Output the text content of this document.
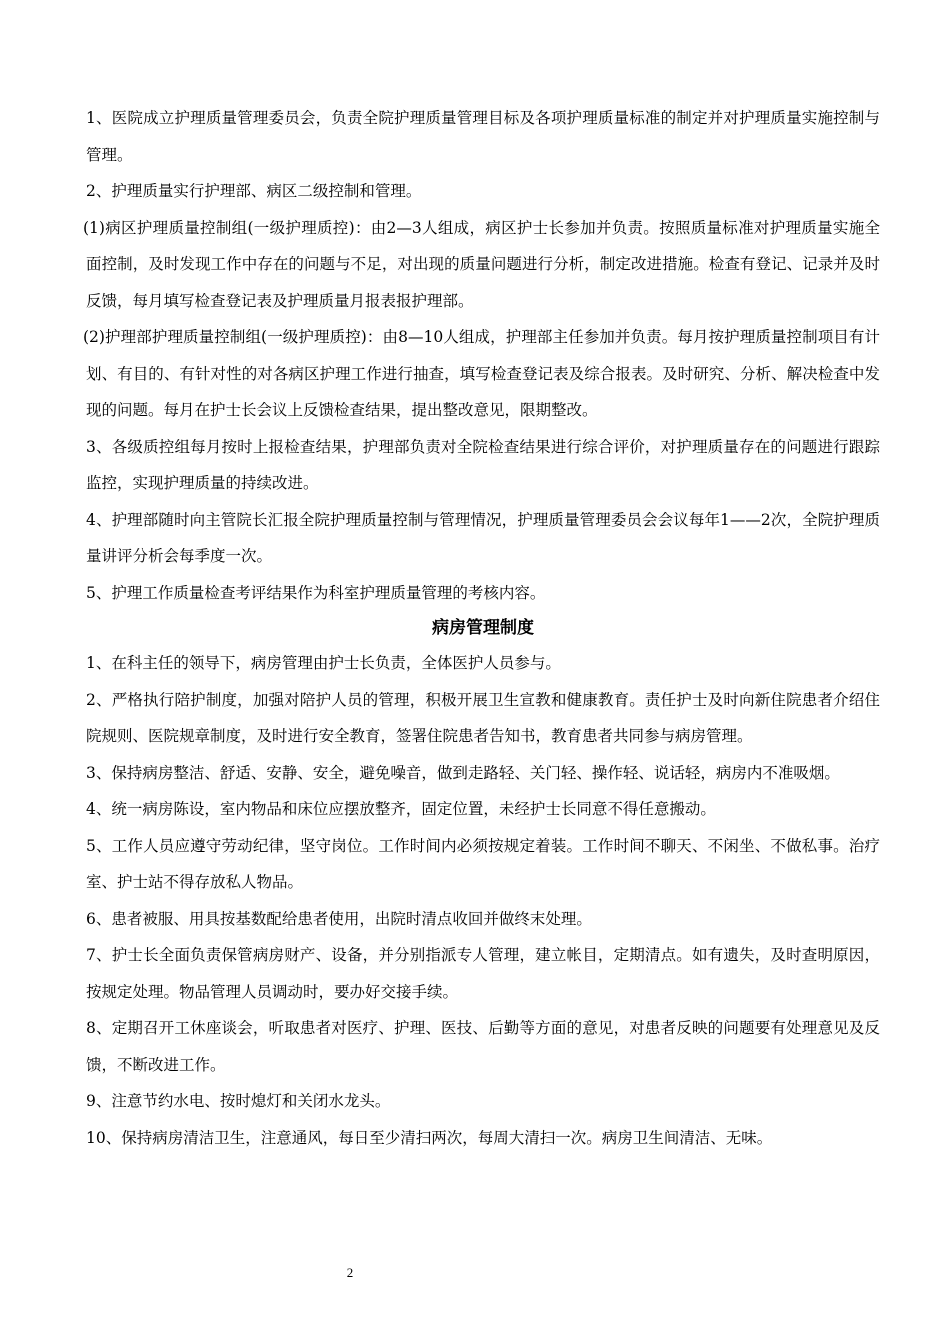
1、医院成立护理质量管理委员会，负责全院护理质量管理目标及各项护理质量标准的制定并对护理质量实施控制与管理。

2、护理质量实行护理部、病区二级控制和管理。

(1)病区护理质量控制组(一级护理质控)：由2—3人组成，病区护士长参加并负责。按照质量标准对护理质量实施全面控制，及时发现工作中存在的问题与不足，对出现的质量问题进行分析，制定改进措施。检查有登记、记录并及时反馈，每月填写检查登记表及护理质量月报表报护理部。

(2)护理部护理质量控制组(一级护理质控)：由8—10人组成，护理部主任参加并负责。每月按护理质量控制项目有计划、有目的、有针对性的对各病区护理工作进行抽查，填写检查登记表及综合报表。及时研究、分析、解决检查中发现的问题。每月在护士长会议上反馈检查结果，提出整改意见，限期整改。

3、各级质控组每月按时上报检查结果，护理部负责对全院检查结果进行综合评价，对护理质量存在的问题进行跟踪监控，实现护理质量的持续改进。

4、护理部随时向主管院长汇报全院护理质量控制与管理情况，护理质量管理委员会会议每年1——2次，全院护理质量讲评分析会每季度一次。

5、护理工作质量检查考评结果作为科室护理质量管理的考核内容。

病房管理制度

1、在科主任的领导下，病房管理由护士长负责，全体医护人员参与。

2、严格执行陪护制度，加强对陪护人员的管理，积极开展卫生宣教和健康教育。责任护士及时向新住院患者介绍住院规则、医院规章制度，及时进行安全教育，签署住院患者告知书，教育患者共同参与病房管理。

3、保持病房整洁、舒适、安静、安全，避免噪音，做到走路轻、关门轻、操作轻、说话轻，病房内不准吸烟。

4、统一病房陈设，室内物品和床位应摆放整齐，固定位置，未经护士长同意不得任意搬动。

5、工作人员应遵守劳动纪律，坚守岗位。工作时间内必须按规定着装。工作时间不聊天、不闲坐、不做私事。治疗室、护士站不得存放私人物品。

6、患者被服、用具按基数配给患者使用，出院时清点收回并做终末处理。

7、护士长全面负责保管病房财产、设备，并分别指派专人管理，建立帐目，定期清点。如有遗失，及时查明原因，按规定处理。物品管理人员调动时，要办好交接手续。

8、定期召开工休座谈会，听取患者对医疗、护理、医技、后勤等方面的意见，对患者反映的问题要有处理意见及反馈，不断改进工作。

9、注意节约水电、按时熄灯和关闭水龙头。

10、保持病房清洁卫生，注意通风，每日至少清扫两次，每周大清扫一次。病房卫生间清洁、无味。

2
